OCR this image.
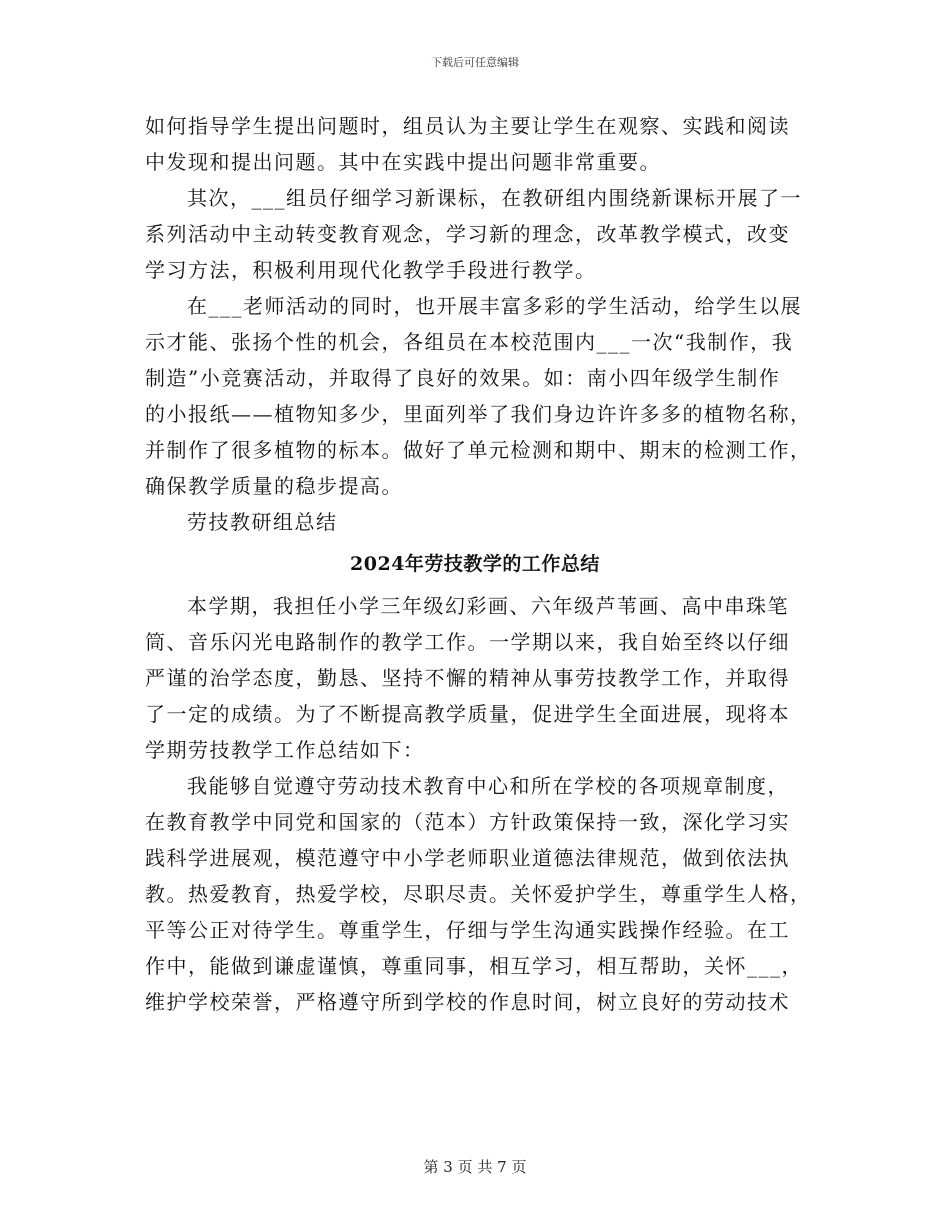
下载后可任意编辑
如何指导学生提出问题时，组员认为主要让学生在观察、实践和阅读
中发现和提出问题。其中在实践中提出问题非常重要。
其次，___组员仔细学习新课标，在教研组内围绕新课标开展了一
系列活动中主动转变教育观念，学习新的理念，改革教学模式，改变
学习方法，积极利用现代化教学手段进行教学。
在___老师活动的同时，也开展丰富多彩的学生活动，给学生以展
示才能、张扬个性的机会，各组员在本校范围内___一次“我制作，我
制造”小竞赛活动，并取得了良好的效果。如：南小四年级学生制作
的小报纸——植物知多少，里面列举了我们身边许许多多的植物名称，
并制作了很多植物的标本。做好了单元检测和期中、期末的检测工作，
确保教学质量的稳步提高。
劳技教研组总结
2024年劳技教学的工作总结
本学期，我担任小学三年级幻彩画、六年级芦苇画、高中串珠笔
筒、音乐闪光电路制作的教学工作。一学期以来，我自始至终以仔细
严谨的治学态度，勤恳、坚持不懈的精神从事劳技教学工作，并取得
了一定的成绩。为了不断提高教学质量，促进学生全面进展，现将本
学期劳技教学工作总结如下：
我能够自觉遵守劳动技术教育中心和所在学校的各项规章制度，
在教育教学中同党和国家的（范本）方针政策保持一致，深化学习实
践科学进展观，模范遵守中小学老师职业道德法律规范，做到依法执
教。热爱教育，热爱学校，尽职尽责。关怀爱护学生，尊重学生人格，
平等公正对待学生。尊重学生，仔细与学生沟通实践操作经验。在工
作中，能做到谦虚谨慎，尊重同事，相互学习，相互帮助，关怀___，
维护学校荣誉，严格遵守所到学校的作息时间，树立良好的劳动技术
第 3 页 共 7 页
